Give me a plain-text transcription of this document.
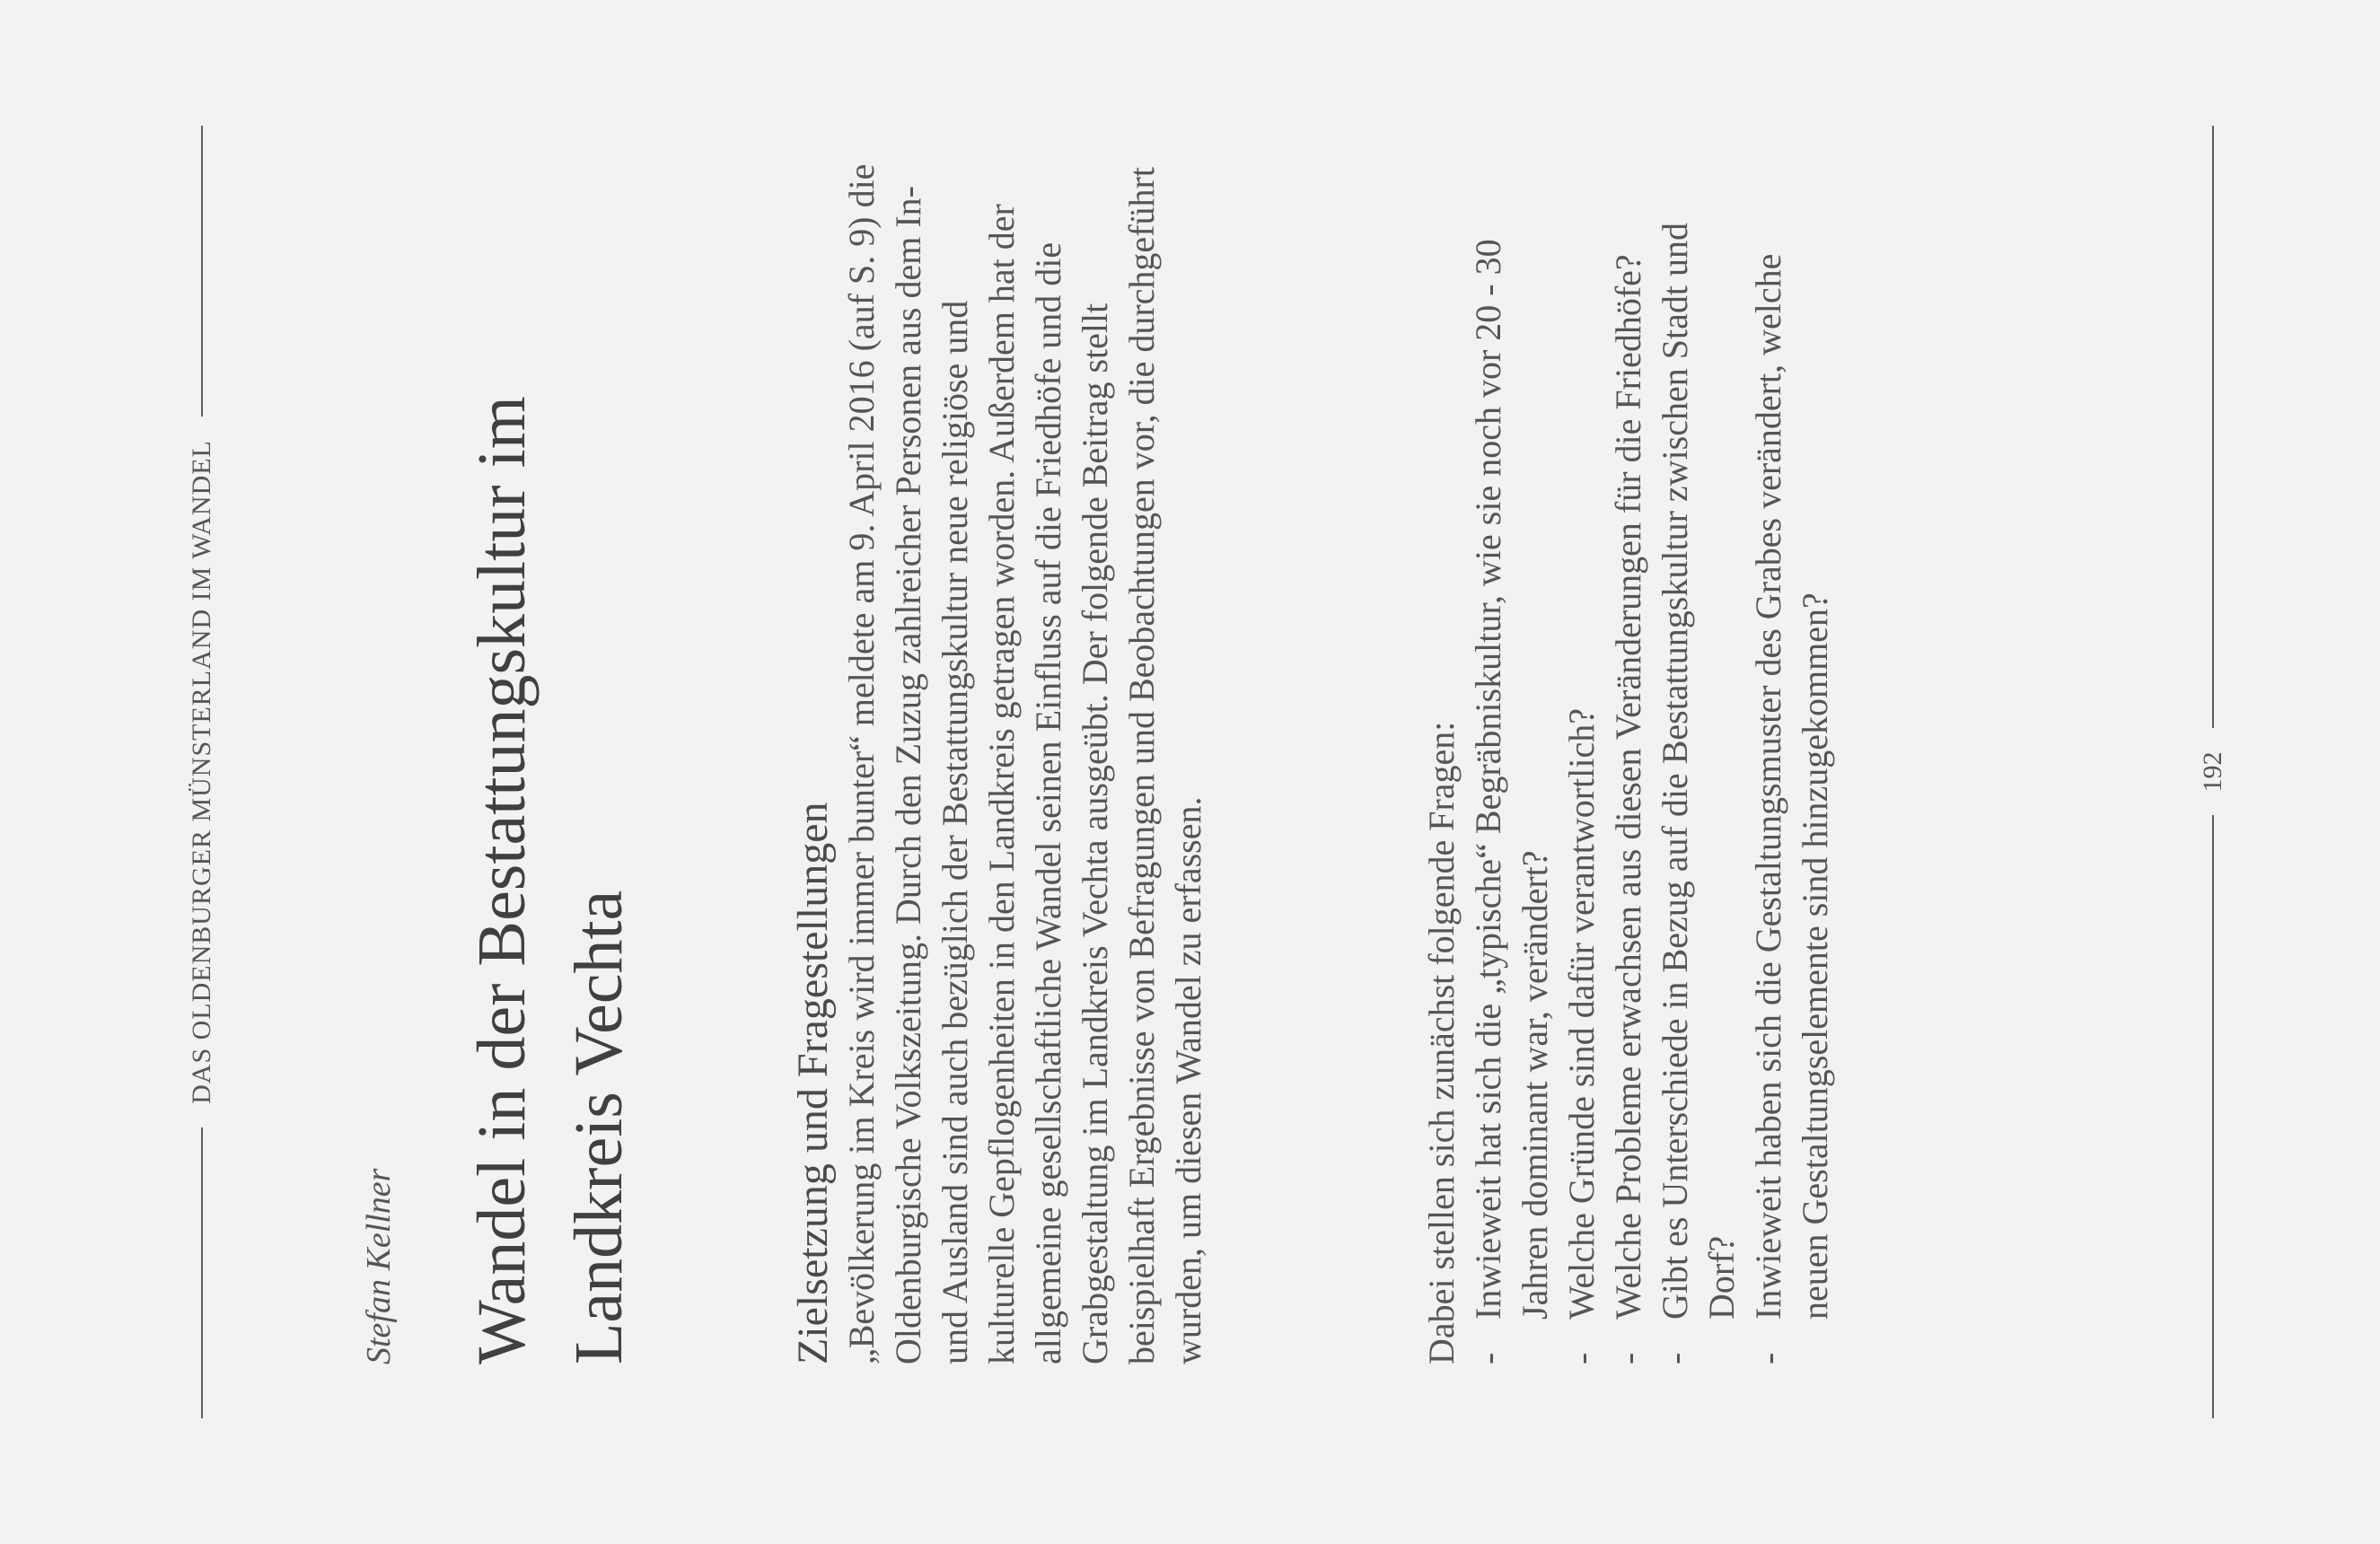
DAS OLDENBURGER MÜNSTERLAND IM WANDEL
Stefan Kellner Wandel in der Bestattungskultur im Landkreis Vechta	Zielsetzung und Fragestellungen „Bevölkerung im Kreis wird immer bunter“ meldete am 9. April 2016 (auf S. 9) die Oldenburgische Volkszeitung. Durch den Zuzug zahlreicher Personen aus dem In- und Ausland sind auch bezüglich der Bestattungskultur neue religiöse und kulturelle Gepflogenheiten in den Landkreis getragen worden. Außerdem hat der allgemeine gesellschaftliche Wandel seinen Einfluss auf die Friedhöfe und die Grabgestaltung im Landkreis Vechta ausgeübt. Der folgende Beitrag stellt beispielhaft Ergebnisse von Befragungen und Beobachtungen vor, die durchgeführt wurden, um diesen Wandel zu erfassen.	Dabei stellen sich zunächst folgende Fragen: -
Inwieweit hat sich die „typische“ Begräbniskultur, wie sie noch vor 20 - 30 Jahren dominant war, verändert?
-
Welche Gründe sind dafür verantwortlich?
-
Welche Probleme erwachsen aus diesen Veränderungen für die Friedhöfe?
-
Gibt es Unterschiede in Bezug auf die Bestattungskultur zwischen Stadt und Dorf?
-
Inwieweit haben sich die Gestaltungsmuster des Grabes verändert, welche neuen Gestaltungselemente sind hinzugekommen?	192
